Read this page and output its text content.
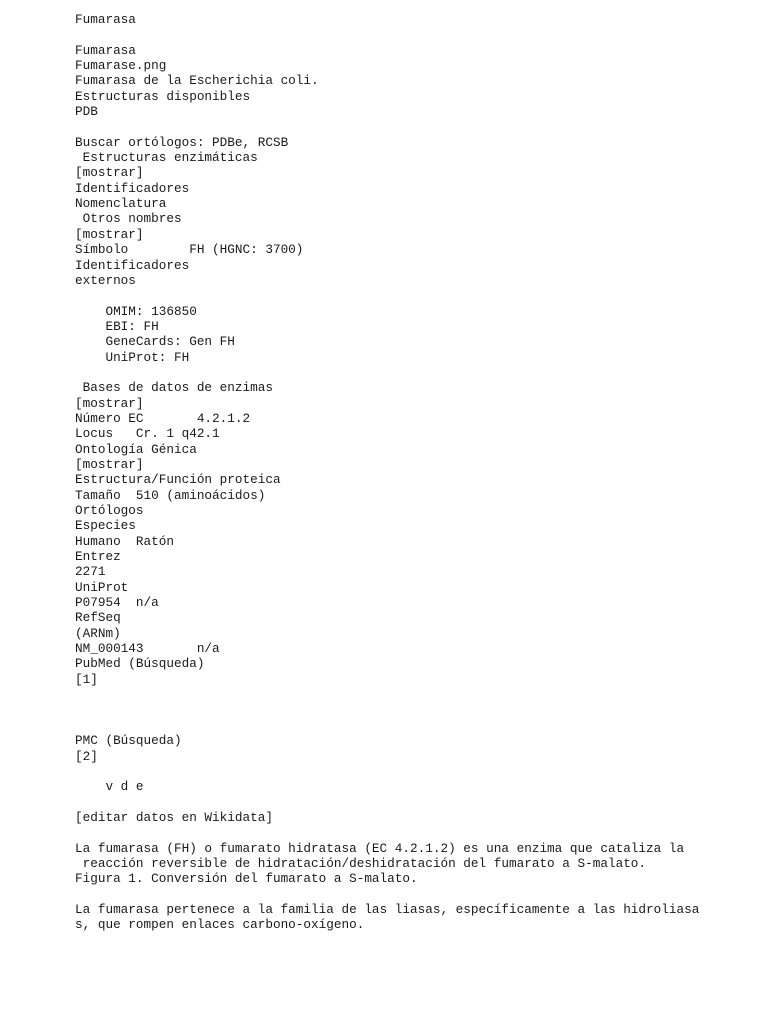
Fumarasa
Fumarasa
Fumarase.png
Fumarasa de la Escherichia coli.
Estructuras disponibles
PDB
Buscar ortólogos: PDBe, RCSB
Estructuras enzimáticas
[mostrar]
Identificadores
Nomenclatura
Otros nombres
[mostrar]
Símbolo        FH (HGNC: 3700)
Identificadores
externos
OMIM: 136850
EBI: FH
GeneCards: Gen FH
UniProt: FH
Bases de datos de enzimas
[mostrar]
Número EC       4.2.1.2
Locus   Cr. 1 q42.1
Ontología Génica
[mostrar]
Estructura/Función proteica
Tamaño  510 (aminoácidos)
Ortólogos
Especies
Humano  Ratón
Entrez
2271
UniProt
P07954  n/a
RefSeq
(ARNm)
NM_000143       n/a
PubMed (Búsqueda)
[1]
PMC (Búsqueda)
[2]
v d e
[editar datos en Wikidata]
La fumarasa (FH) o fumarato hidratasa (EC 4.2.1.2) es una enzima que cataliza la
reacción reversible de hidratación/deshidratación del fumarato a S-malato.
Figura 1. Conversión del fumarato a S-malato.
La fumarasa pertenece a la familia de las liasas, específicamente a las hidroliasa
s, que rompen enlaces carbono-oxígeno.
